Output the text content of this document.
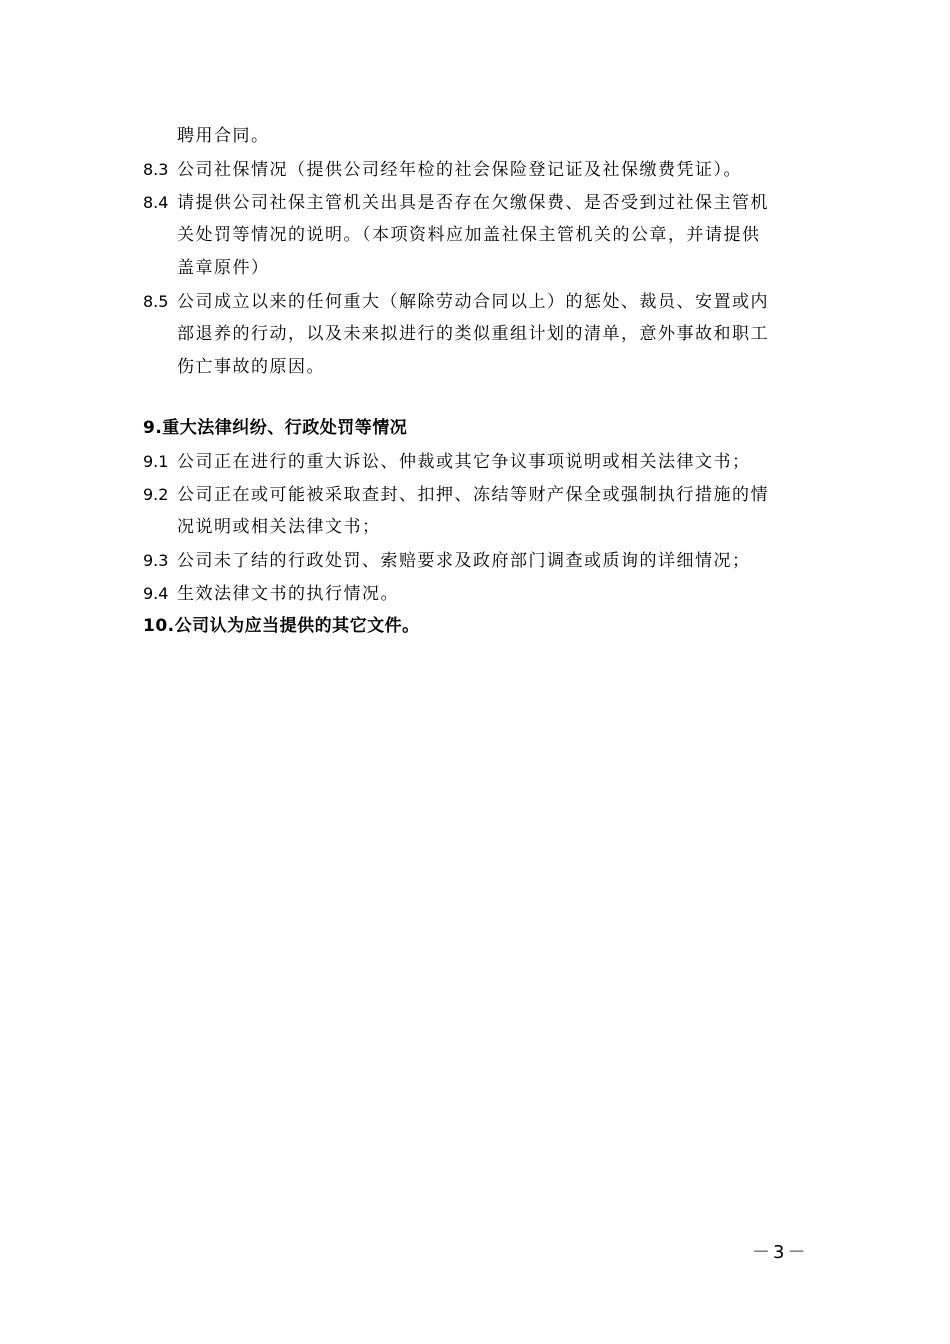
聘用合同。
8.3 公司社保情况（提供公司经年检的社会保险登记证及社保缴费凭证）。
8.4 请提供公司社保主管机关出具是否存在欠缴保费、是否受到过社保主管机
关处罚等情况的说明。（本项资料应加盖社保主管机关的公章，并请提供
盖章原件）
8.5 公司成立以来的任何重大（解除劳动合同以上）的惩处、裁员、安置或内
部退养的行动，以及未来拟进行的类似重组计划的清单，意外事故和职工
伤亡事故的原因。
9.重大法律纠纷、行政处罚等情况
9.1 公司正在进行的重大诉讼、仲裁或其它争议事项说明或相关法律文书；
9.2 公司正在或可能被采取查封、扣押、冻结等财产保全或强制执行措施的情
况说明或相关法律文书；
9.3 公司未了结的行政处罚、索赔要求及政府部门调查或质询的详细情况；
9.4 生效法律文书的执行情况。
10.公司认为应当提供的其它文件。
－3－
